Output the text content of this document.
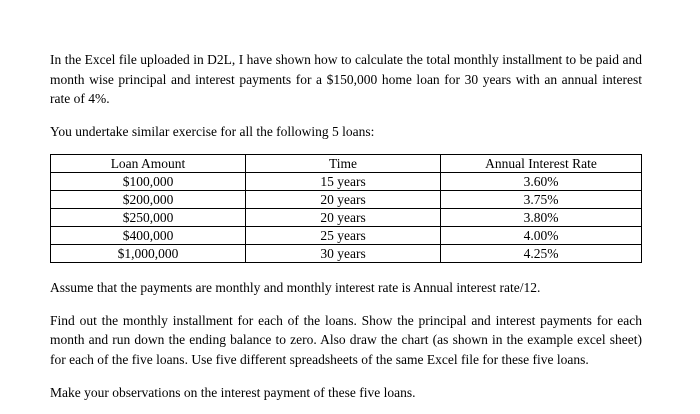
In the Excel file uploaded in D2L, I have shown how to calculate the total monthly installment to be paid and month wise principal and interest payments for a $150,000 home loan for 30 years with an annual interest rate of 4%.

You undertake similar exercise for all the following 5 loans:

Loan Amount	Time	Annual Interest Rate
$100,000	15 years	3.60%
$200,000	20 years	3.75%
$250,000	20 years	3.80%
$400,000	25 years	4.00%
$1,000,000	30 years	4.25%

Assume that the payments are monthly and monthly interest rate is Annual interest rate/12.

Find out the monthly installment for each of the loans. Show the principal and interest payments for each month and run down the ending balance to zero. Also draw the chart (as shown in the example excel sheet) for each of the five loans. Use five different spreadsheets of the same Excel file for these five loans.

Make your observations on the interest payment of these five loans.
